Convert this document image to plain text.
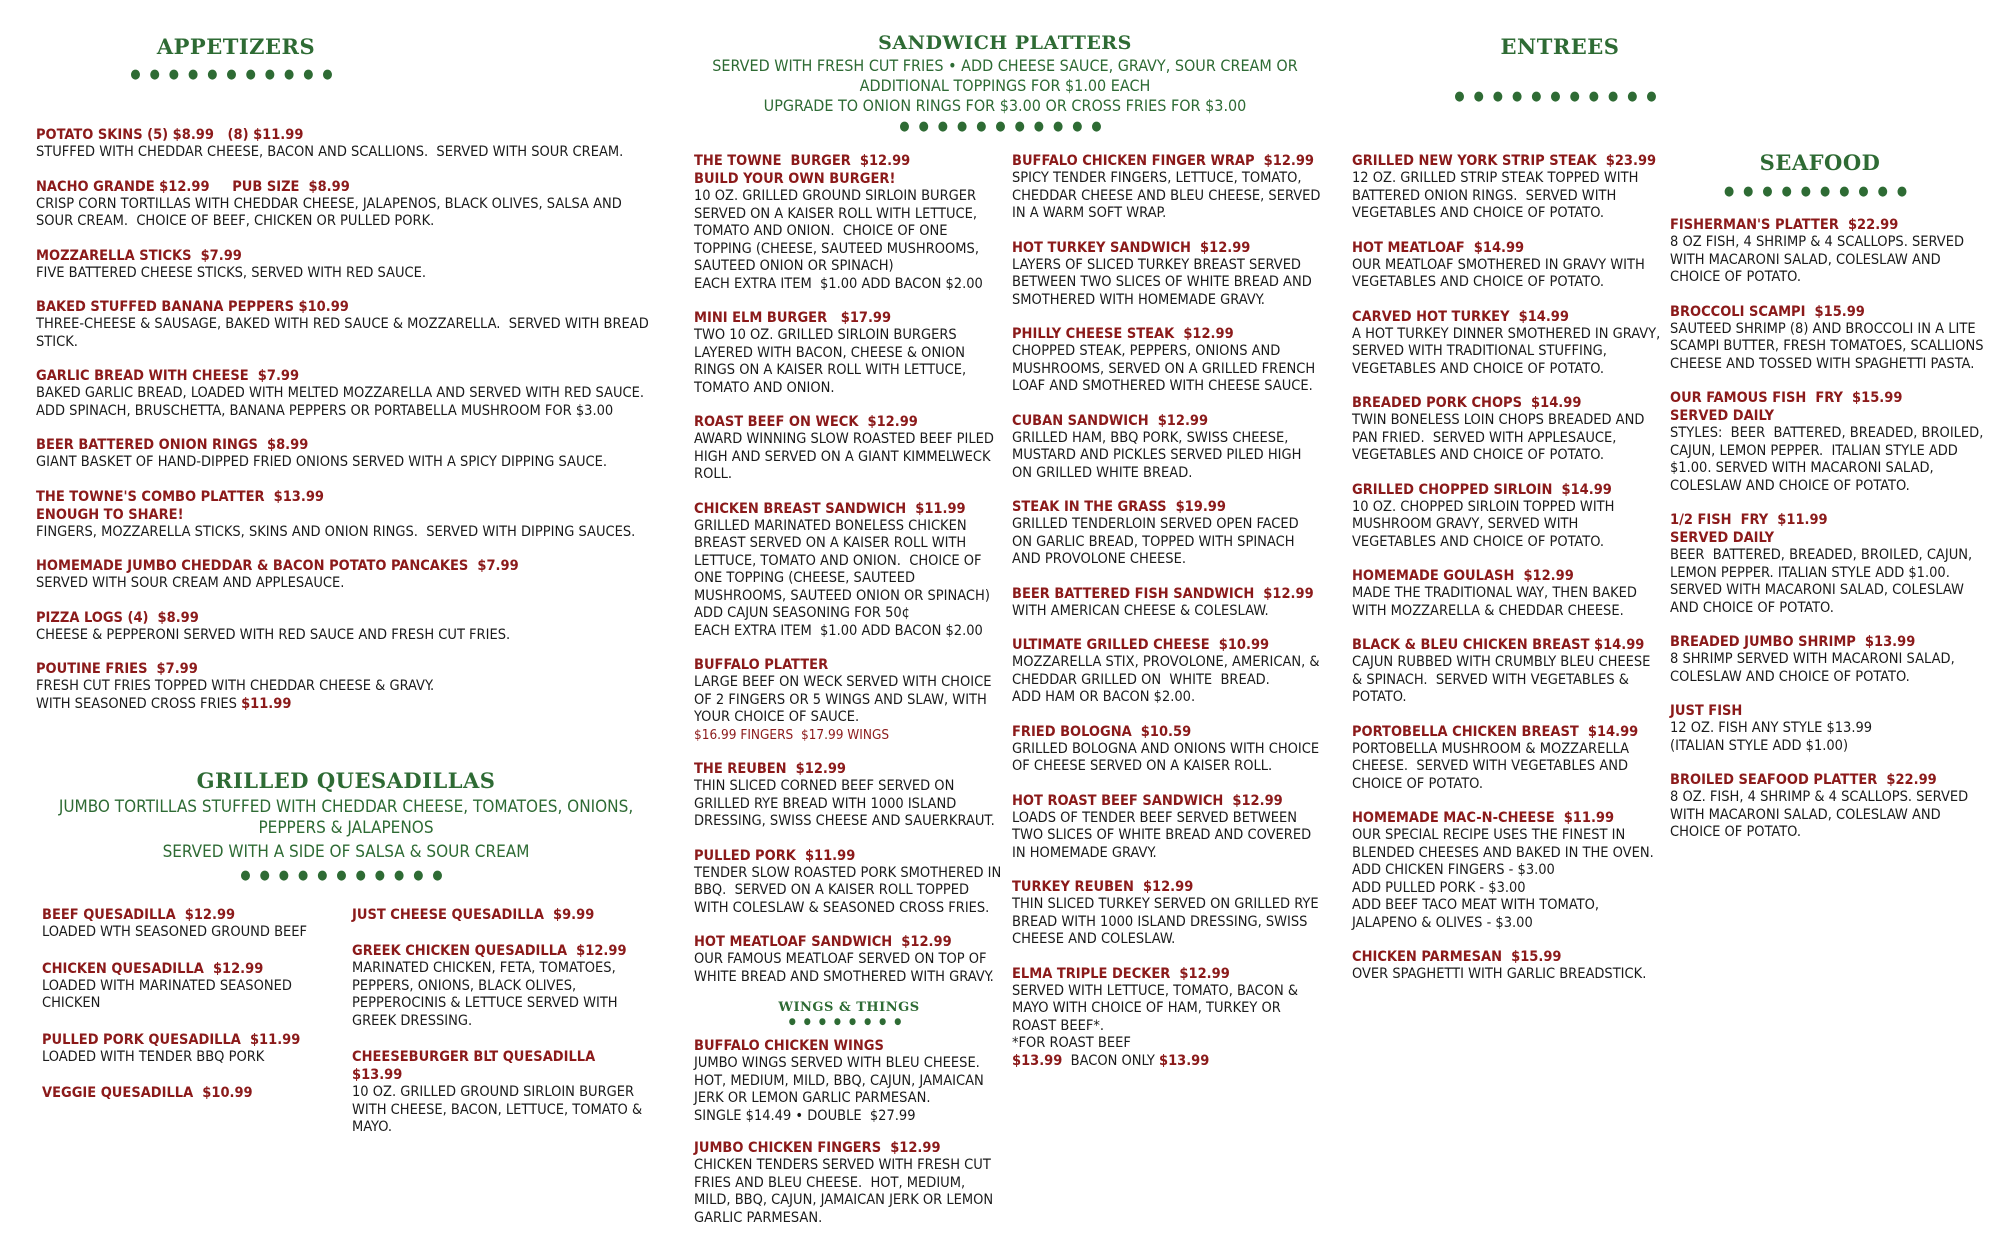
APPETIZERS
●●●●●●●●●●●
POTATO SKINS (5) $8.99   (8) $11.99
STUFFED WITH CHEDDAR CHEESE, BACON AND SCALLIONS.  SERVED WITH SOUR CREAM.
NACHO GRANDE $12.99     PUB SIZE  $8.99
CRISP CORN TORTILLAS WITH CHEDDAR CHEESE, JALAPENOS, BLACK OLIVES, SALSA AND SOUR CREAM.  CHOICE OF BEEF, CHICKEN OR PULLED PORK.
MOZZARELLA STICKS  $7.99
FIVE BATTERED CHEESE STICKS, SERVED WITH RED SAUCE.
BAKED STUFFED BANANA PEPPERS $10.99
THREE-CHEESE & SAUSAGE, BAKED WITH RED SAUCE & MOZZARELLA.  SERVED WITH BREAD STICK.
GARLIC BREAD WITH CHEESE  $7.99
BAKED GARLIC BREAD, LOADED WITH MELTED MOZZARELLA AND SERVED WITH RED SAUCE.
ADD SPINACH, BRUSCHETTA, BANANA PEPPERS OR PORTABELLA MUSHROOM FOR $3.00
BEER BATTERED ONION RINGS  $8.99
GIANT BASKET OF HAND-DIPPED FRIED ONIONS SERVED WITH A SPICY DIPPING SAUCE.
THE TOWNE'S COMBO PLATTER  $13.99
ENOUGH TO SHARE!
FINGERS, MOZZARELLA STICKS, SKINS AND ONION RINGS.  SERVED WITH DIPPING SAUCES.
HOMEMADE JUMBO CHEDDAR & BACON POTATO PANCAKES  $7.99
SERVED WITH SOUR CREAM AND APPLESAUCE.
PIZZA LOGS (4)  $8.99
CHEESE & PEPPERONI SERVED WITH RED SAUCE AND FRESH CUT FRIES.
POUTINE FRIES  $7.99
FRESH CUT FRIES TOPPED WITH CHEDDAR CHEESE & GRAVY.
WITH SEASONED CROSS FRIES $11.99
GRILLED QUESADILLAS
JUMBO TORTILLAS STUFFED WITH CHEDDAR CHEESE, TOMATOES, ONIONS,
PEPPERS & JALAPENOS
SERVED WITH A SIDE OF SALSA & SOUR CREAM
●●●●●●●●●●●
BEEF QUESADILLA  $12.99
LOADED WTH SEASONED GROUND BEEF
CHICKEN QUESADILLA  $12.99
LOADED WITH MARINATED SEASONED CHICKEN
PULLED PORK QUESADILLA  $11.99
LOADED WITH TENDER BBQ PORK
VEGGIE QUESADILLA  $10.99
JUST CHEESE QUESADILLA  $9.99
GREEK CHICKEN QUESADILLA  $12.99
MARINATED CHICKEN, FETA, TOMATOES, PEPPERS, ONIONS, BLACK OLIVES, PEPPEROCINIS & LETTUCE SERVED WITH GREEK DRESSING.
CHEESEBURGER BLT QUESADILLA  $13.99
10 OZ. GRILLED GROUND SIRLOIN BURGER WITH CHEESE, BACON, LETTUCE, TOMATO & MAYO.
SANDWICH PLATTERS
SERVED WITH FRESH CUT FRIES • ADD CHEESE SAUCE, GRAVY, SOUR CREAM OR
ADDITIONAL TOPPINGS FOR $1.00 EACH
UPGRADE TO ONION RINGS FOR $3.00 OR CROSS FRIES FOR $3.00
●●●●●●●●●●●
THE TOWNE  BURGER  $12.99
BUILD YOUR OWN BURGER!
10 OZ. GRILLED GROUND SIRLOIN BURGER SERVED ON A KAISER ROLL WITH LETTUCE, TOMATO AND ONION.  CHOICE OF ONE TOPPING (CHEESE, SAUTEED MUSHROOMS, SAUTEED ONION OR SPINACH)
EACH EXTRA ITEM  $1.00 ADD BACON $2.00
MINI ELM BURGER   $17.99
TWO 10 OZ. GRILLED SIRLOIN BURGERS LAYERED WITH BACON, CHEESE & ONION RINGS ON A KAISER ROLL WITH LETTUCE, TOMATO AND ONION.
ROAST BEEF ON WECK  $12.99
AWARD WINNING SLOW ROASTED BEEF PILED HIGH AND SERVED ON A GIANT KIMMELWECK ROLL.
CHICKEN BREAST SANDWICH  $11.99
GRILLED MARINATED BONELESS CHICKEN BREAST SERVED ON A KAISER ROLL WITH LETTUCE, TOMATO AND ONION.  CHOICE OF ONE TOPPING (CHEESE, SAUTEED MUSHROOMS, SAUTEED ONION OR SPINACH)
ADD CAJUN SEASONING FOR 50¢
EACH EXTRA ITEM  $1.00 ADD BACON $2.00
BUFFALO PLATTER
LARGE BEEF ON WECK SERVED WITH CHOICE OF 2 FINGERS OR 5 WINGS AND SLAW, WITH YOUR CHOICE OF SAUCE.
$16.99 FINGERS  $17.99 WINGS
THE REUBEN  $12.99
THIN SLICED CORNED BEEF SERVED ON GRILLED RYE BREAD WITH 1000 ISLAND DRESSING, SWISS CHEESE AND SAUERKRAUT.
PULLED PORK  $11.99
TENDER SLOW ROASTED PORK SMOTHERED IN BBQ.  SERVED ON A KAISER ROLL TOPPED WITH COLESLAW & SEASONED CROSS FRIES.
HOT MEATLOAF SANDWICH  $12.99
OUR FAMOUS MEATLOAF SERVED ON TOP OF WHITE BREAD AND SMOTHERED WITH GRAVY.
WINGS & THINGS
●●●●●●●●
BUFFALO CHICKEN WINGS
JUMBO WINGS SERVED WITH BLEU CHEESE.  HOT, MEDIUM, MILD, BBQ, CAJUN, JAMAICAN JERK OR LEMON GARLIC PARMESAN.
SINGLE $14.49 • DOUBLE  $27.99
JUMBO CHICKEN FINGERS  $12.99
CHICKEN TENDERS SERVED WITH FRESH CUT FRIES AND BLEU CHEESE.  HOT, MEDIUM, MILD, BBQ, CAJUN, JAMAICAN JERK OR LEMON GARLIC PARMESAN.
BUFFALO CHICKEN FINGER WRAP  $12.99
SPICY TENDER FINGERS, LETTUCE, TOMATO, CHEDDAR CHEESE AND BLEU CHEESE, SERVED IN A WARM SOFT WRAP.
HOT TURKEY SANDWICH  $12.99
LAYERS OF SLICED TURKEY BREAST SERVED BETWEEN TWO SLICES OF WHITE BREAD AND SMOTHERED WITH HOMEMADE GRAVY.
PHILLY CHEESE STEAK  $12.99
CHOPPED STEAK, PEPPERS, ONIONS AND MUSHROOMS, SERVED ON A GRILLED FRENCH LOAF AND SMOTHERED WITH CHEESE SAUCE.
CUBAN SANDWICH  $12.99
GRILLED HAM, BBQ PORK, SWISS CHEESE, MUSTARD AND PICKLES SERVED PILED HIGH ON GRILLED WHITE BREAD.
STEAK IN THE GRASS  $19.99
GRILLED TENDERLOIN SERVED OPEN FACED ON GARLIC BREAD, TOPPED WITH SPINACH AND PROVOLONE CHEESE.
BEER BATTERED FISH SANDWICH  $12.99
WITH AMERICAN CHEESE & COLESLAW.
ULTIMATE GRILLED CHEESE  $10.99
MOZZARELLA STIX, PROVOLONE, AMERICAN, & CHEDDAR GRILLED ON  WHITE  BREAD.
ADD HAM OR BACON $2.00.
FRIED BOLOGNA  $10.59
GRILLED BOLOGNA AND ONIONS WITH CHOICE OF CHEESE SERVED ON A KAISER ROLL.
HOT ROAST BEEF SANDWICH  $12.99
LOADS OF TENDER BEEF SERVED BETWEEN TWO SLICES OF WHITE BREAD AND COVERED IN HOMEMADE GRAVY.
TURKEY REUBEN  $12.99
THIN SLICED TURKEY SERVED ON GRILLED RYE BREAD WITH 1000 ISLAND DRESSING, SWISS CHEESE AND COLESLAW.
ELMA TRIPLE DECKER  $12.99
SERVED WITH LETTUCE, TOMATO, BACON & MAYO WITH CHOICE OF HAM, TURKEY OR ROAST BEEF*.
*FOR ROAST BEEF $13.99  BACON ONLY $13.99
ENTREES
●●●●●●●●●●●
GRILLED NEW YORK STRIP STEAK  $23.99
12 OZ. GRILLED STRIP STEAK TOPPED WITH BATTERED ONION RINGS.  SERVED WITH VEGETABLES AND CHOICE OF POTATO.
HOT MEATLOAF  $14.99
OUR MEATLOAF SMOTHERED IN GRAVY WITH VEGETABLES AND CHOICE OF POTATO.
CARVED HOT TURKEY  $14.99
A HOT TURKEY DINNER SMOTHERED IN GRAVY, SERVED WITH TRADITIONAL STUFFING, VEGETABLES AND CHOICE OF POTATO.
BREADED PORK CHOPS  $14.99
TWIN BONELESS LOIN CHOPS BREADED AND PAN FRIED.  SERVED WITH APPLESAUCE, VEGETABLES AND CHOICE OF POTATO.
GRILLED CHOPPED SIRLOIN  $14.99
10 OZ. CHOPPED SIRLOIN TOPPED WITH MUSHROOM GRAVY, SERVED WITH VEGETABLES AND CHOICE OF POTATO.
HOMEMADE GOULASH  $12.99
MADE THE TRADITIONAL WAY, THEN BAKED WITH MOZZARELLA & CHEDDAR CHEESE.
BLACK & BLEU CHICKEN BREAST $14.99
CAJUN RUBBED WITH CRUMBLY BLEU CHEESE & SPINACH.  SERVED WITH VEGETABLES & POTATO.
PORTOBELLA CHICKEN BREAST  $14.99
PORTOBELLA MUSHROOM & MOZZARELLA CHEESE.  SERVED WITH VEGETABLES AND CHOICE OF POTATO.
HOMEMADE MAC-N-CHEESE  $11.99
OUR SPECIAL RECIPE USES THE FINEST IN BLENDED CHEESES AND BAKED IN THE OVEN.
ADD CHICKEN FINGERS - $3.00
ADD PULLED PORK - $3.00
ADD BEEF TACO MEAT WITH TOMATO, JALAPENO & OLIVES - $3.00
CHICKEN PARMESAN  $15.99
OVER SPAGHETTI WITH GARLIC BREADSTICK.
SEAFOOD
●●●●●●●●●●
FISHERMAN'S PLATTER  $22.99
8 OZ FISH, 4 SHRIMP & 4 SCALLOPS. SERVED WITH MACARONI SALAD, COLESLAW AND CHOICE OF POTATO.
BROCCOLI SCAMPI  $15.99
SAUTEED SHRIMP (8) AND BROCCOLI IN A LITE SCAMPI BUTTER, FRESH TOMATOES, SCALLIONS CHEESE AND TOSSED WITH SPAGHETTI PASTA.
OUR FAMOUS FISH  FRY  $15.99
SERVED DAILY
STYLES:  BEER  BATTERED, BREADED, BROILED, CAJUN, LEMON PEPPER.  ITALIAN STYLE ADD $1.00. SERVED WITH MACARONI SALAD, COLESLAW AND CHOICE OF POTATO.
1/2 FISH  FRY  $11.99
SERVED DAILY
BEER  BATTERED, BREADED, BROILED, CAJUN, LEMON PEPPER. ITALIAN STYLE ADD $1.00. SERVED WITH MACARONI SALAD, COLESLAW AND CHOICE OF POTATO.
BREADED JUMBO SHRIMP  $13.99
8 SHRIMP SERVED WITH MACARONI SALAD, COLESLAW AND CHOICE OF POTATO.
JUST FISH
12 OZ. FISH ANY STYLE $13.99
(ITALIAN STYLE ADD $1.00)
BROILED SEAFOOD PLATTER  $22.99
8 OZ. FISH, 4 SHRIMP & 4 SCALLOPS. SERVED WITH MACARONI SALAD, COLESLAW AND CHOICE OF POTATO.
